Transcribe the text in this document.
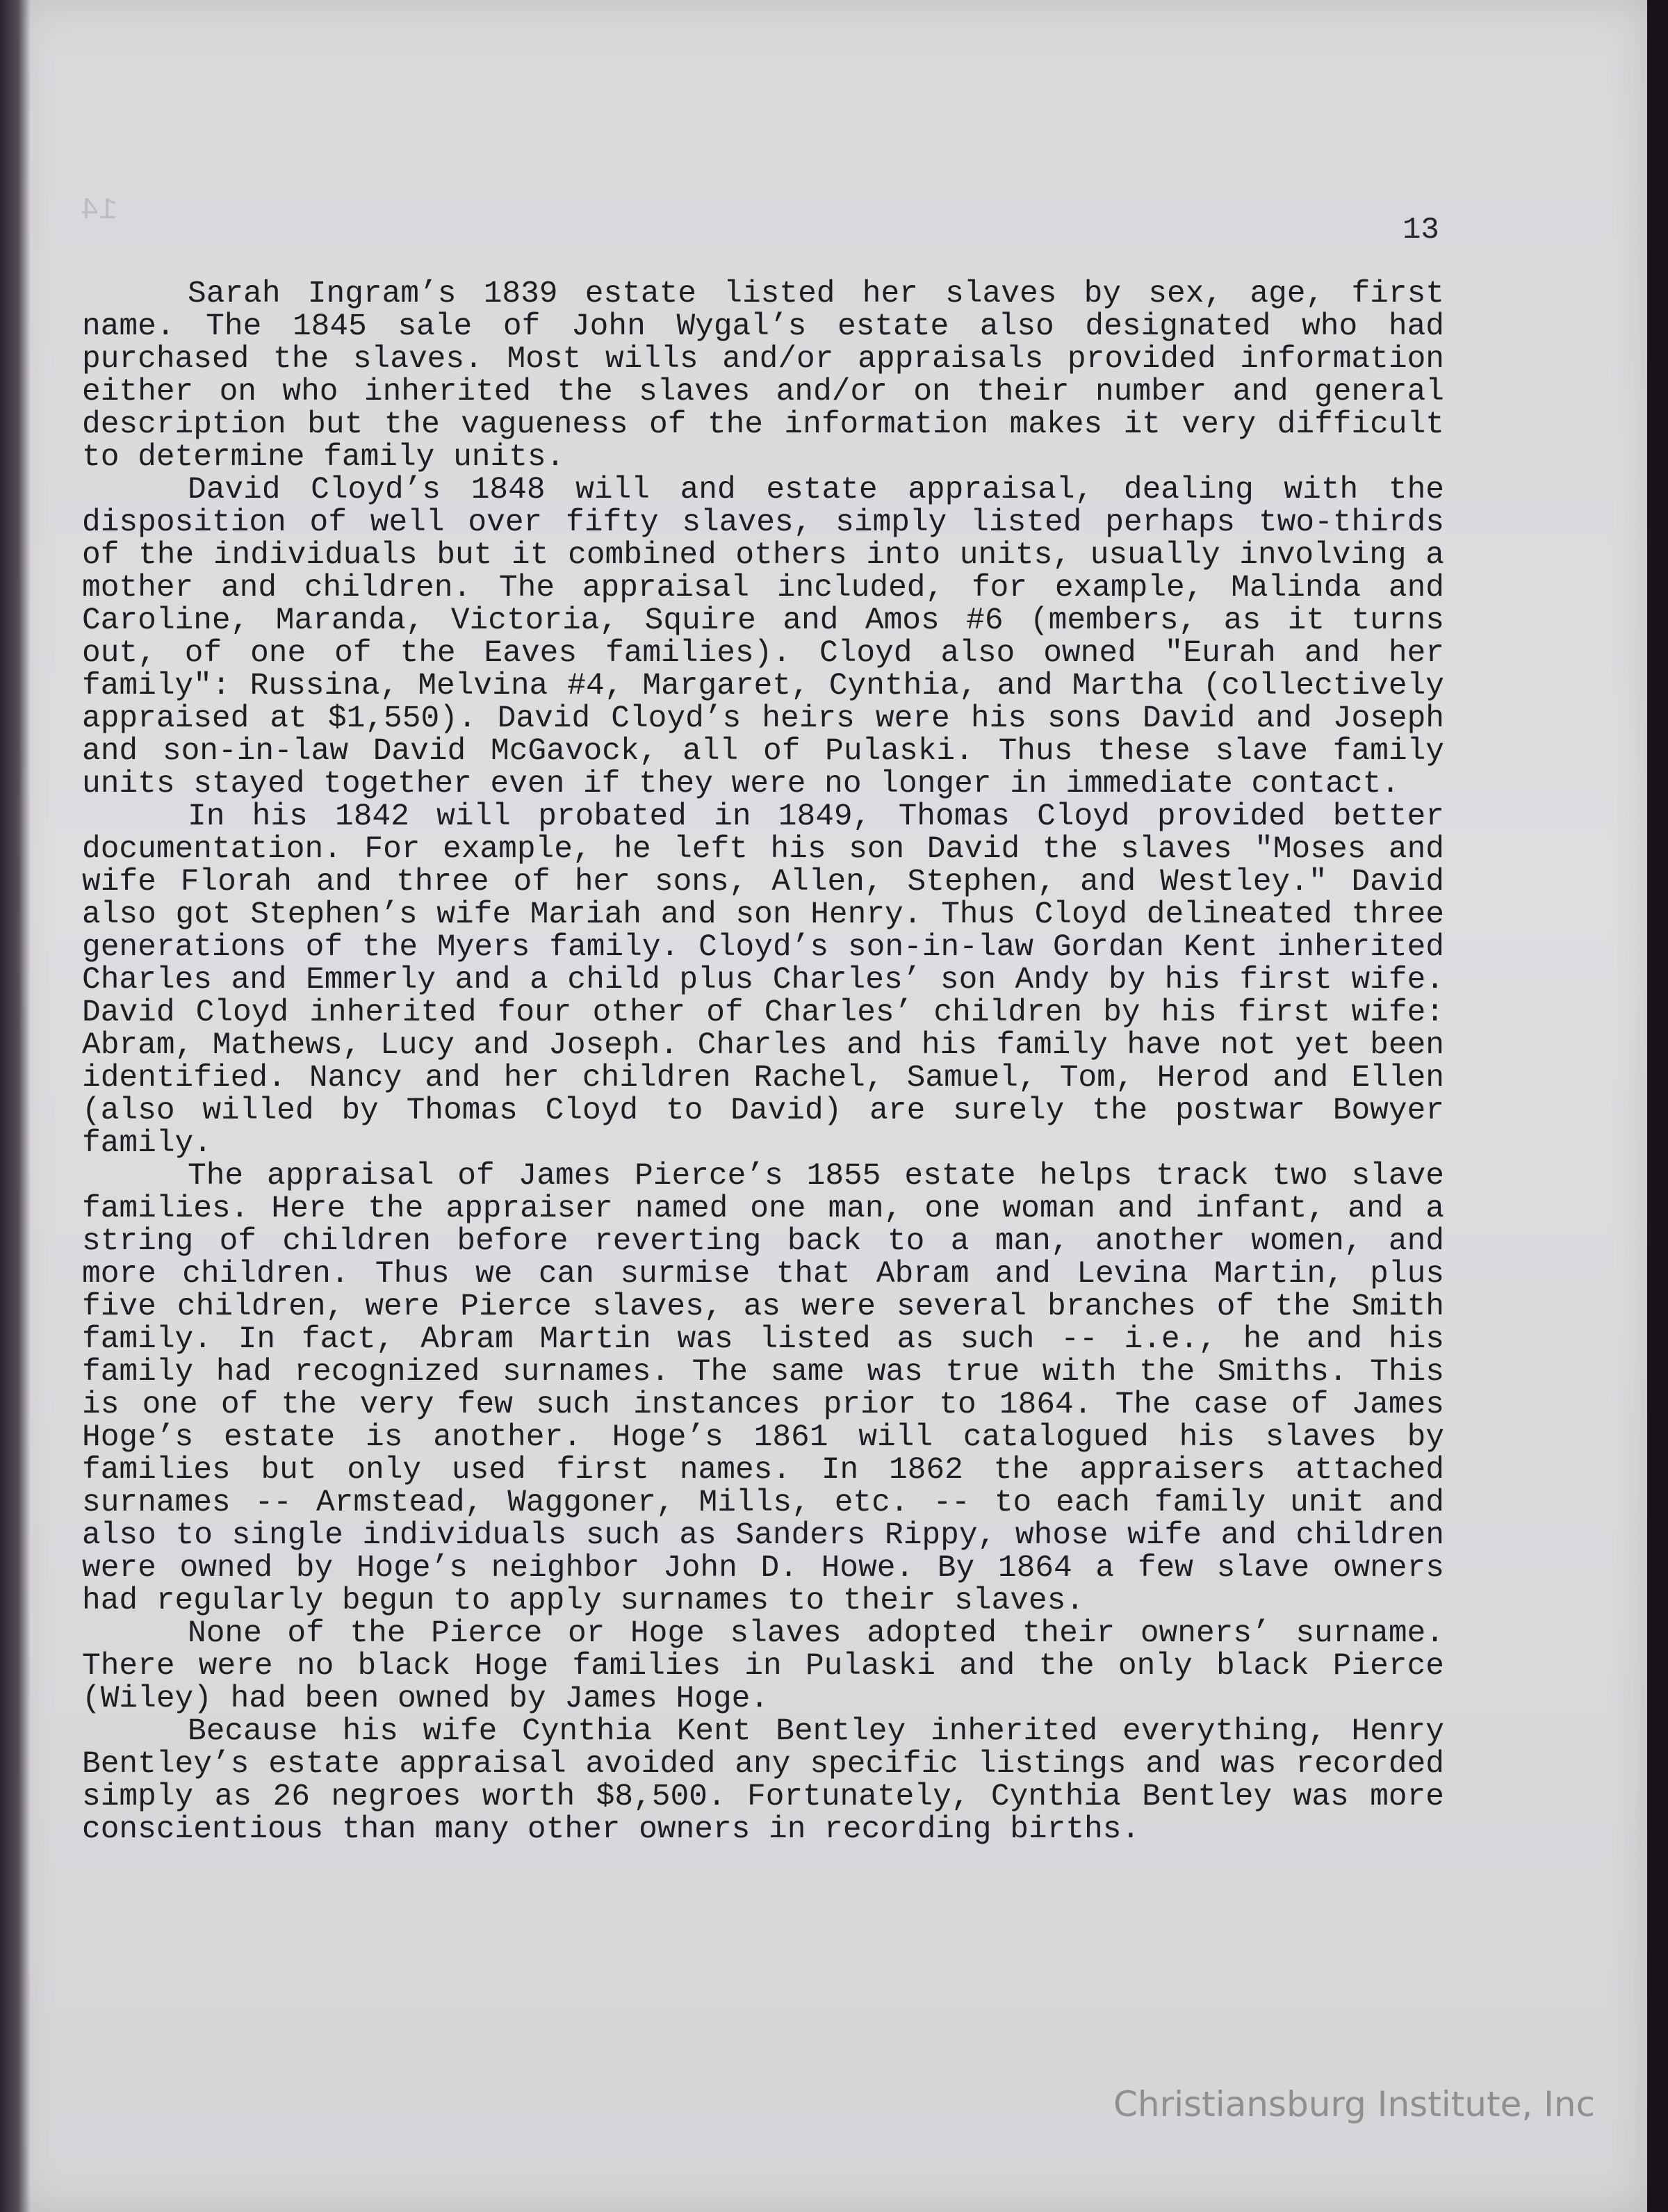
14
13

Sarah Ingram’s 1839 estate listed her slaves by sex, age, first name. The 1845 sale of John Wygal’s estate also designated who had purchased the slaves. Most wills and/or appraisals provided information either on who inherited the slaves and/or on their number and general description but the vagueness of the information makes it very difficult to determine family units.

David Cloyd’s 1848 will and estate appraisal, dealing with the disposition of well over fifty slaves, simply listed perhaps two-thirds of the individuals but it combined others into units, usually involving a mother and children. The appraisal included, for example, Malinda and Caroline, Maranda, Victoria, Squire and Amos #6 (members, as it turns out, of one of the Eaves families). Cloyd also owned "Eurah and her family": Russina, Melvina #4, Margaret, Cynthia, and Martha (collectively appraised at $1,550). David Cloyd’s heirs were his sons David and Joseph and son-in-law David McGavock, all of Pulaski. Thus these slave family units stayed together even if they were no longer in immediate contact.

In his 1842 will probated in 1849, Thomas Cloyd provided better documentation. For example, he left his son David the slaves "Moses and wife Florah and three of her sons, Allen, Stephen, and Westley." David also got Stephen’s wife Mariah and son Henry. Thus Cloyd delineated three generations of the Myers family. Cloyd’s son-in-law Gordan Kent inherited Charles and Emmerly and a child plus Charles’ son Andy by his first wife. David Cloyd inherited four other of Charles’ children by his first wife: Abram, Mathews, Lucy and Joseph. Charles and his family have not yet been identified. Nancy and her children Rachel, Samuel, Tom, Herod and Ellen (also willed by Thomas Cloyd to David) are surely the postwar Bowyer family.

The appraisal of James Pierce’s 1855 estate helps track two slave families. Here the appraiser named one man, one woman and infant, and a string of children before reverting back to a man, another women, and more children. Thus we can surmise that Abram and Levina Martin, plus five children, were Pierce slaves, as were several branches of the Smith family. In fact, Abram Martin was listed as such -- i.e., he and his family had recognized surnames. The same was true with the Smiths. This is one of the very few such instances prior to 1864. The case of James Hoge’s estate is another. Hoge’s 1861 will catalogued his slaves by families but only used first names. In 1862 the appraisers attached surnames -- Armstead, Waggoner, Mills, etc. -- to each family unit and also to single individuals such as Sanders Rippy, whose wife and children were owned by Hoge’s neighbor John D. Howe. By 1864 a few slave owners had regularly begun to apply surnames to their slaves.

None of the Pierce or Hoge slaves adopted their owners’ surname. There were no black Hoge families in Pulaski and the only black Pierce (Wiley) had been owned by James Hoge.

Because his wife Cynthia Kent Bentley inherited everything, Henry Bentley’s estate appraisal avoided any specific listings and was recorded simply as 26 negroes worth $8,500. Fortunately, Cynthia Bentley was more conscientious than many other owners in recording births.

Christiansburg Institute, Inc
